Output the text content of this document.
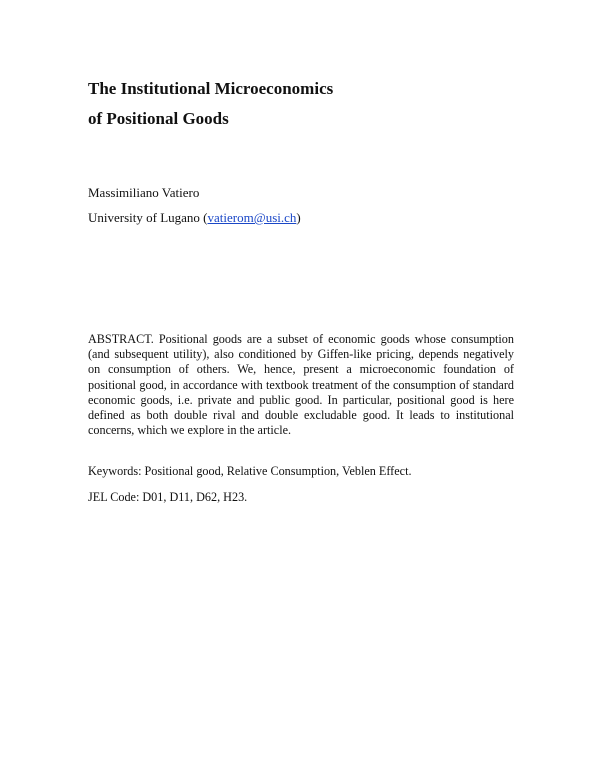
The Institutional Microeconomics
of Positional Goods
Massimiliano Vatiero
University of Lugano (vatierom@usi.ch)

ABSTRACT. Positional goods are a subset of economic goods whose consumption (and subsequent utility), also conditioned by Giffen-like pricing, depends negatively on consumption of others. We, hence, present a microeconomic foundation of positional good, in accordance with textbook treatment of the consumption of standard economic goods, i.e. private and public good. In particular, positional good is here defined as both double rival and double excludable good. It leads to institutional concerns, which we explore in the article.

Keywords: Positional good, Relative Consumption, Veblen Effect.
JEL Code: D01, D11, D62, H23.
